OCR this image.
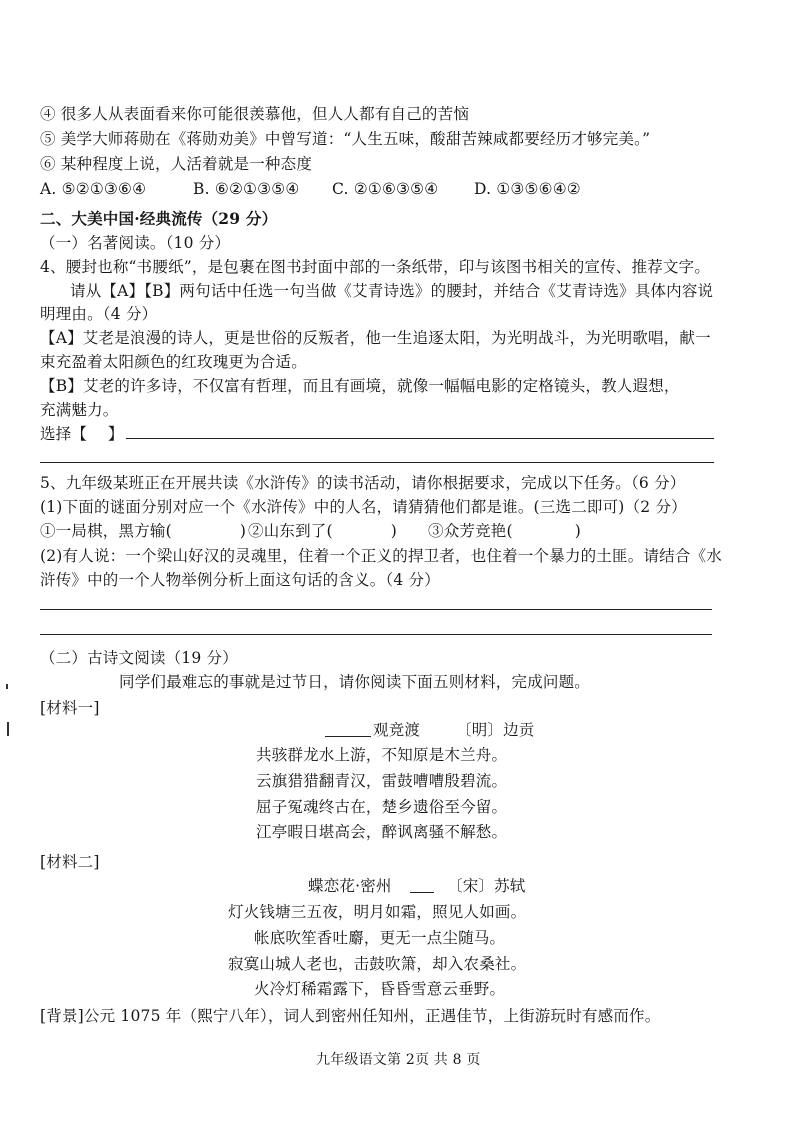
④ 很多人从表面看来你可能很羡慕他，但人人都有自己的苦恼
⑤ 美学大师蒋勋在《蒋勋劝美》中曾写道：“人生五味，酸甜苦辣咸都要经历才够完美。”
⑥ 某种程度上说，人活着就是一种态度
A. ⑤②①③⑥④	B. ⑥②①③⑤④ C. ②①⑥③⑤④ D. ①③⑤⑥④②
二、大美中国·经典流传（29 分）
（一）名著阅读。（10 分）
4、腰封也称“书腰纸”，是包裹在图书封面中部的一条纸带，印与该图书相关的宣传、推荐文字。
请从【A】【B】两句话中任选一句当做《艾青诗选》的腰封，并结合《艾青诗选》具体内容说
明理由。（4 分）
【A】艾老是浪漫的诗人，更是世俗的反叛者，他一生追逐太阳，为光明战斗，为光明歌唱，献一
束充盈着太阳颜色的红玫瑰更为合适。
【B】艾老的许多诗，不仅富有哲理，而且有画境，就像一幅幅电影的定格镜头，教人遐想，
充满魅力。
选择【　 】
5、九年级某班正在开展共读《水浒传》的读书活动，请你根据要求，完成以下任务。（6 分）
(1)下面的谜面分别对应一个《水浒传》中的人名，请猜猜他们都是谁。(三选二即可)（2 分）
①一局棋，黑方输(	) ②山东到了(	) ③众芳竞艳(	)
(2)有人说：一个梁山好汉的灵魂里，住着一个正义的捍卫者，也住着一个暴力的土匪。请结合《水
浒传》中的一个人物举例分析上面这句话的含义。（4 分）
（二）古诗文阅读（19 分）
同学们最难忘的事就是过节日，请你阅读下面五则材料，完成问题。
[材料一]
观竞渡 〔明〕边贡
共骇群龙水上游，不知原是木兰舟。
云旗猎猎翻青汉，雷鼓嘈嘈殷碧流。
屈子冤魂终古在，楚乡遗俗至今留。
江亭暇日堪高会，醉讽离骚不解愁。
[材料二]
蝶恋花·密州	〔宋〕苏轼
灯火钱塘三五夜，明月如霜，照见人如画。
帐底吹笙香吐麝，更无一点尘随马。
寂寞山城人老也，击鼓吹箫，却入农桑社。
火冷灯稀霜露下，昏昏雪意云垂野。
[背景]公元 1075 年（熙宁八年），词人到密州任知州，正遇佳节，上街游玩时有感而作。
九年级语文第 2页 共 8 页
